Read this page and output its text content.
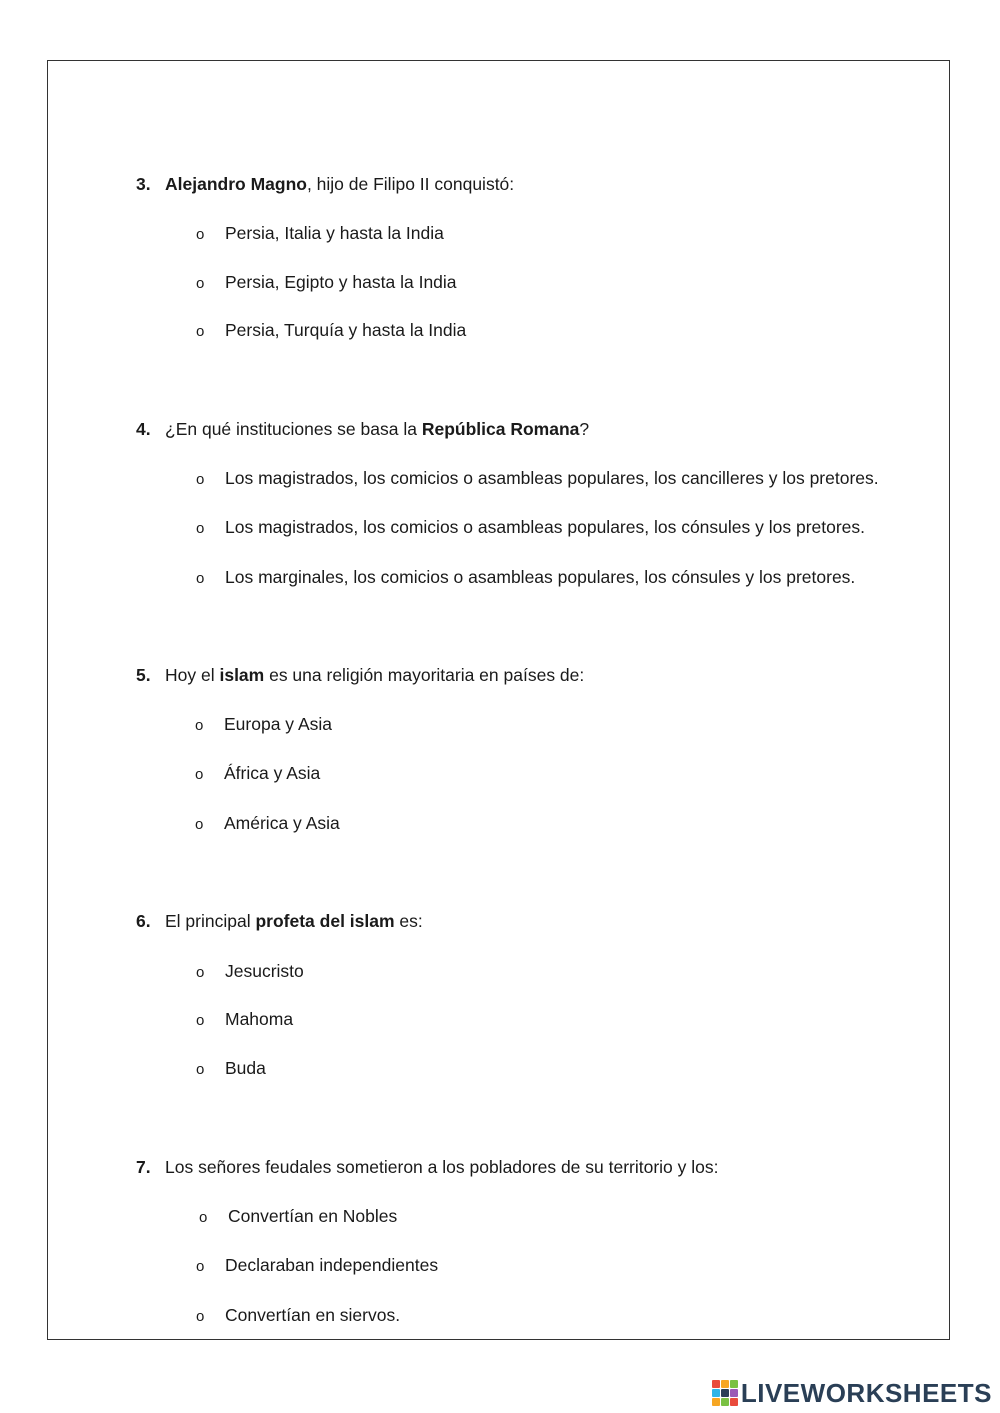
3. Alejandro Magno, hijo de Filipo II conquistó:
o Persia, Italia y hasta la India
o Persia, Egipto y hasta la India
o Persia, Turquía y hasta la India
4. ¿En qué instituciones se basa la República Romana?
o Los magistrados, los comicios o asambleas populares, los cancilleres y los pretores.
o Los magistrados, los comicios o asambleas populares, los cónsules y los pretores.
o Los marginales, los comicios o asambleas populares, los cónsules y los pretores.
5. Hoy el islam es una religión mayoritaria en países de:
o Europa y Asia
o África y Asia
o América y Asia
6. El principal profeta del islam es:
o Jesucristo
o Mahoma
o Buda
7. Los señores feudales sometieron a los pobladores de su territorio y los:
o Convertían en Nobles
o Declaraban independientes
o Convertían en siervos.
LIVEWORKSHEETS
